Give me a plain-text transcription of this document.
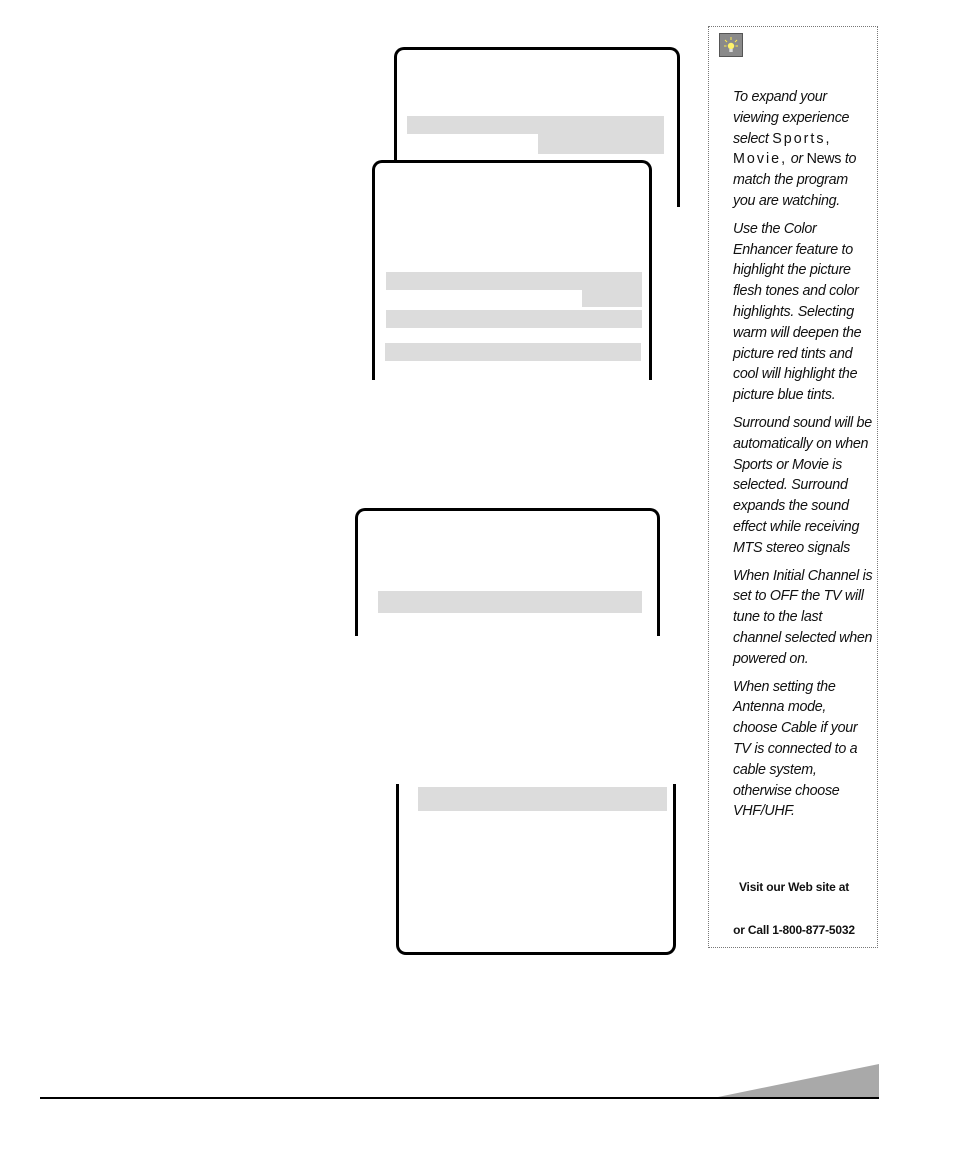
To expand your viewing experience select Sports, Movie, or News to match the program you are watching.

Use the Color Enhancer feature to highlight the picture flesh tones and color highlights. Selecting warm will deepen the picture red tints and cool will highlight the picture blue tints.

Surround sound will be automatically on when Sports or Movie is selected. Surround expands the sound effect while receiving MTS stereo signals

When Initial Channel is set to OFF the TV will tune to the last channel selected when powered on.

When setting the Antenna mode, choose Cable if your TV is connected to a cable system, otherwise choose VHF/UHF.

Visit our Web site at
or Call 1-800-877-5032
